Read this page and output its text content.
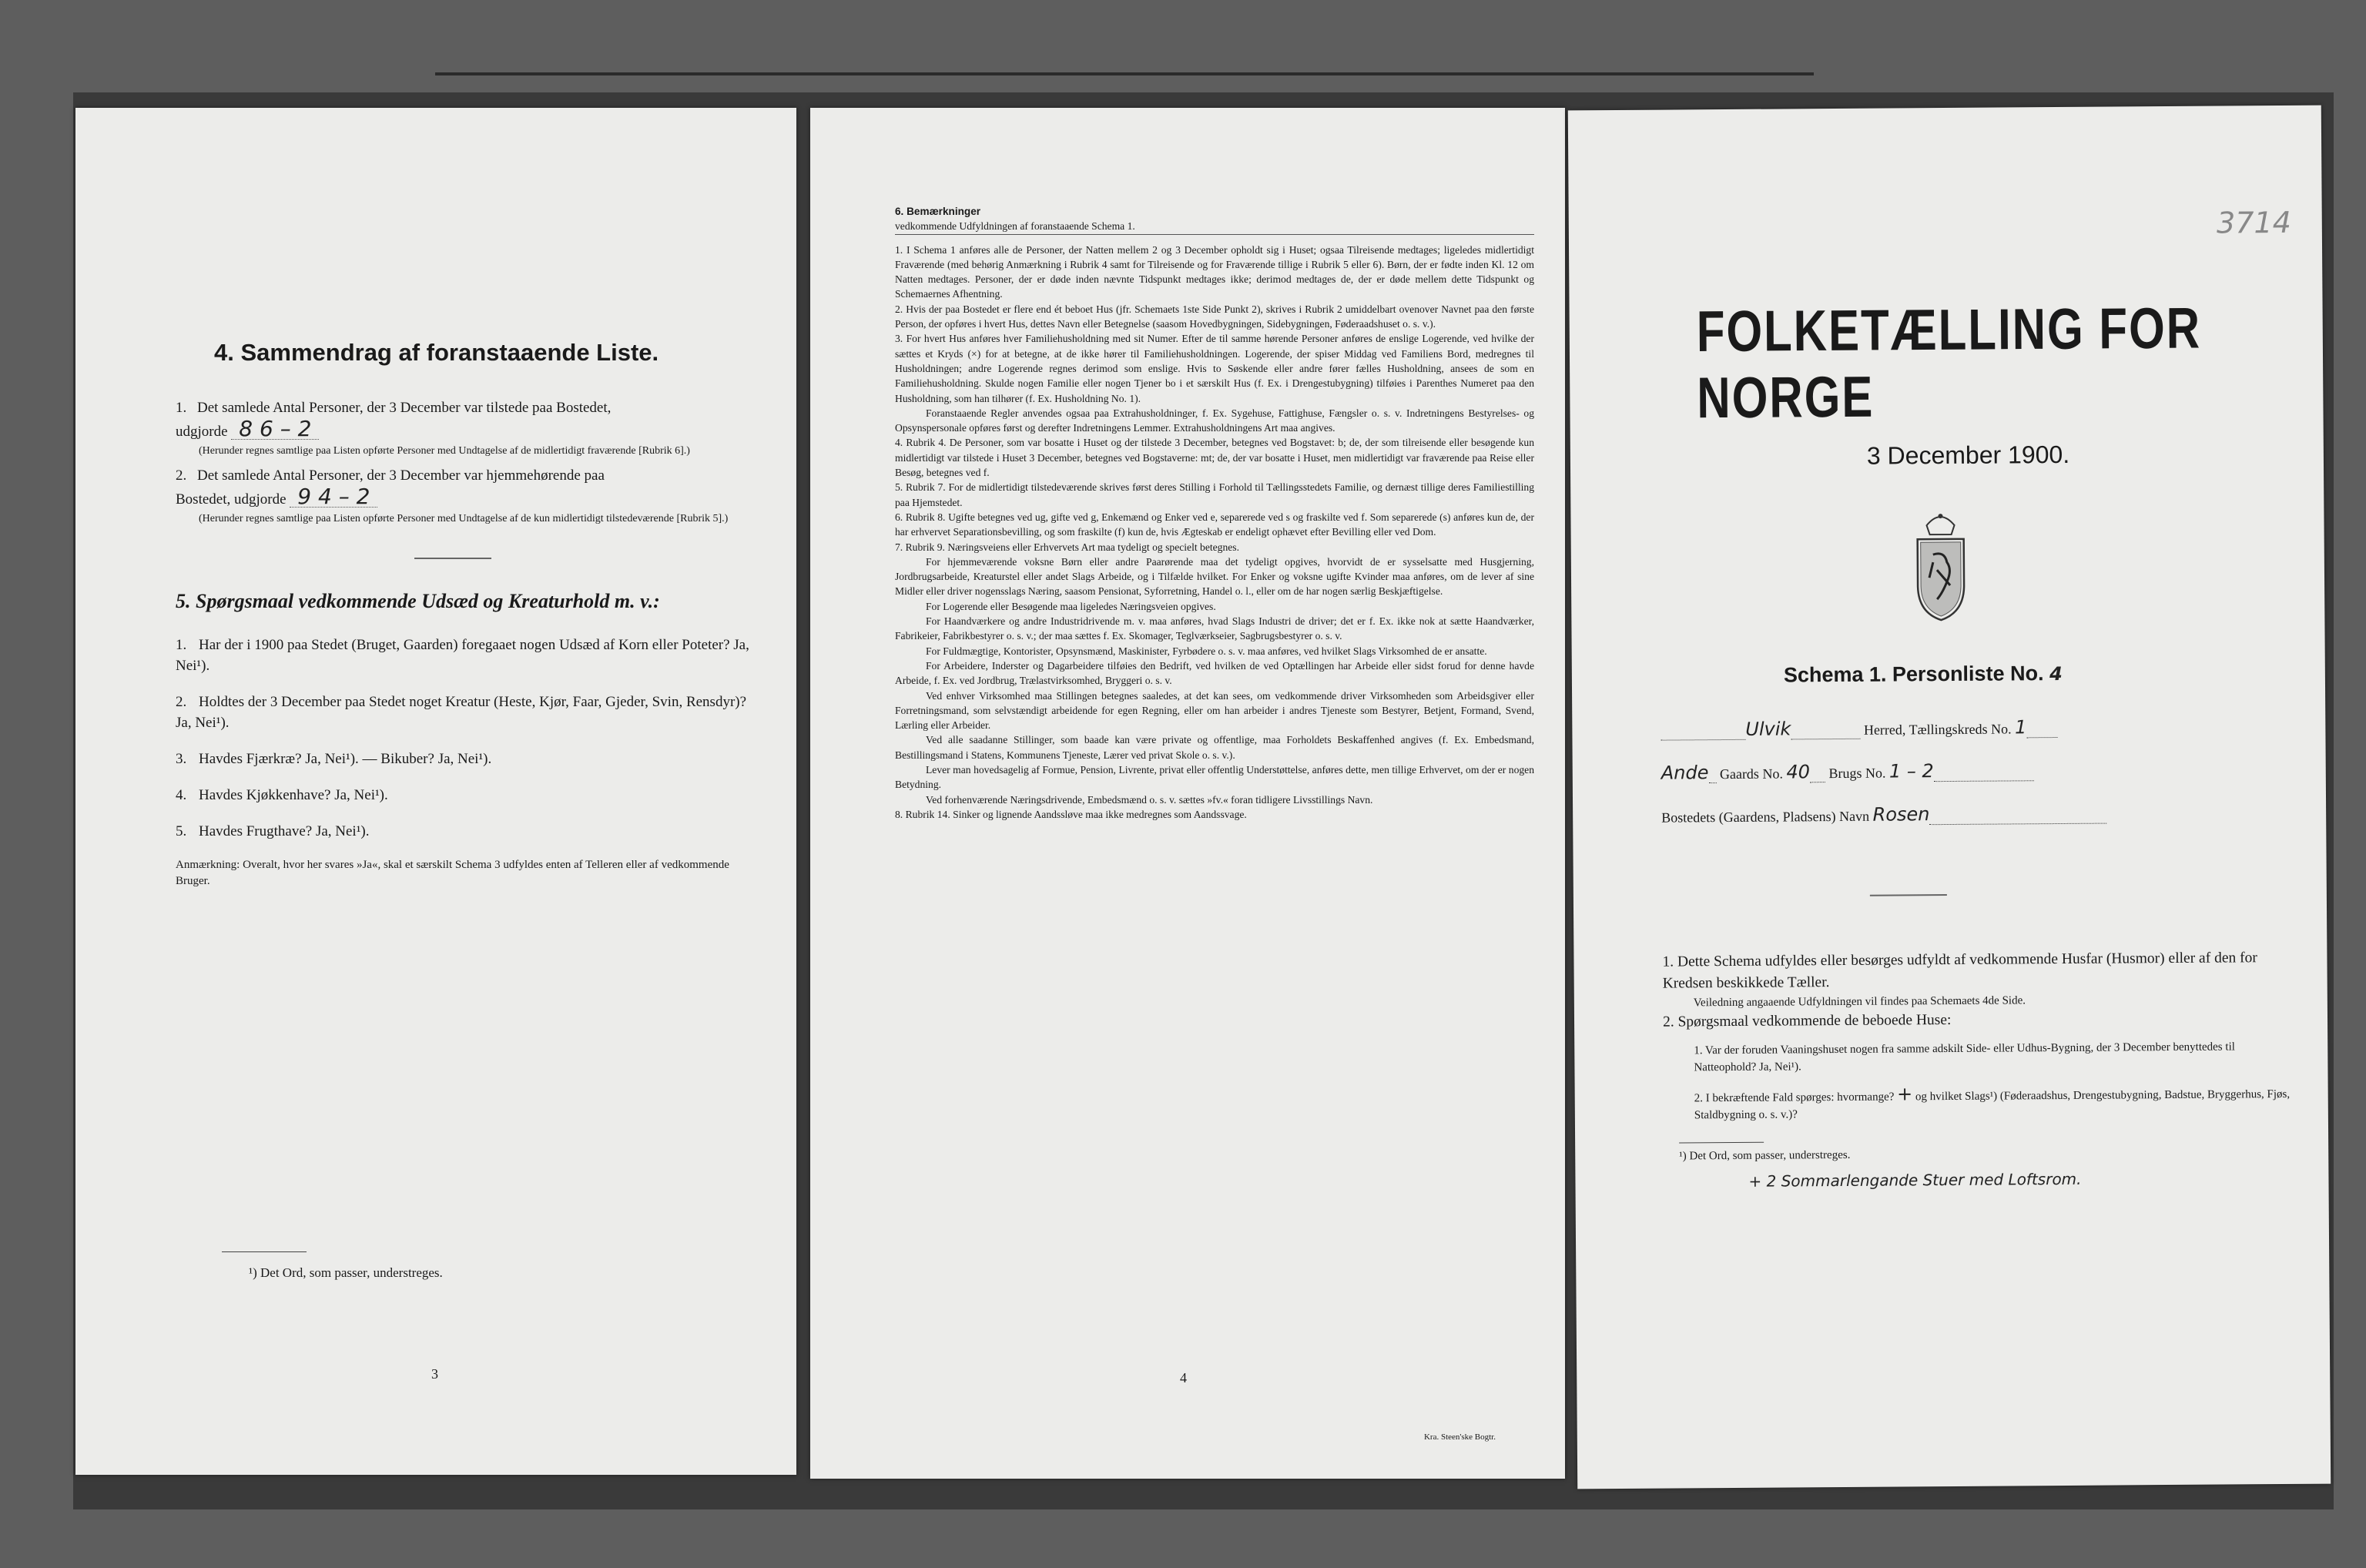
4. Sammendrag af foranstaaende Liste.

1. Det samlede Antal Personer, der 3 December var tilstede paa Bostedet,

udgjorde 8 6 – 2

(Herunder regnes samtlige paa Listen opførte Personer med Undtagelse af de midlertidigt fraværende [Rubrik 6].)

2. Det samlede Antal Personer, der 3 December var hjemmehørende paa

Bostedet, udgjorde 9 4 – 2

(Herunder regnes samtlige paa Listen opførte Personer med Undtagelse af de kun midlertidigt tilstedeværende [Rubrik 5].)

5. Spørgsmaal vedkommende Udsæd og Kreaturhold m. v.:

1. Har der i 1900 paa Stedet (Bruget, Gaarden) foregaaet nogen Udsæd af Korn eller Poteter? Ja, Nei¹).

2. Holdtes der 3 December paa Stedet noget Kreatur (Heste, Kjør, Faar, Gjeder, Svin, Rensdyr)? Ja, Nei¹).

3. Havdes Fjærkræ? Ja, Nei¹). — Bikuber? Ja, Nei¹).

4. Havdes Kjøkkenhave? Ja, Nei¹).

5. Havdes Frugthave? Ja, Nei¹).

Anmærkning: Overalt, hvor her svares »Ja«, skal et særskilt Schema 3 udfyldes enten af Telleren eller af vedkommende Bruger.

¹) Det Ord, som passer, understreges.

3

6. Bemærkninger

vedkommende Udfyldningen af foranstaaende Schema 1.

1. I Schema 1 anføres alle de Personer, der Natten mellem 2 og 3 December opholdt sig i Huset; ogsaa Tilreisende medtages; ligeledes midlertidigt Fraværende (med behørig Anmærkning i Rubrik 4 samt for Tilreisende og for Fraværende tillige i Rubrik 5 eller 6). Børn, der er fødte inden Kl. 12 om Natten medtages. Personer, der er døde inden nævnte Tidspunkt medtages ikke; derimod medtages de, der er døde mellem dette Tidspunkt og Schemaernes Afhentning.

2. Hvis der paa Bostedet er flere end ét beboet Hus (jfr. Schemaets 1ste Side Punkt 2), skrives i Rubrik 2 umiddelbart ovenover Navnet paa den første Person, der opføres i hvert Hus, dettes Navn eller Betegnelse (saasom Hovedbygningen, Sidebygningen, Føderaadshuset o. s. v.).

3. For hvert Hus anføres hver Familiehusholdning med sit Numer. Efter de til samme hørende Personer anføres de enslige Logerende, ved hvilke der sættes et Kryds (×) for at betegne, at de ikke hører til Familiehusholdningen. Logerende, der spiser Middag ved Familiens Bord, medregnes til Husholdningen; andre Logerende regnes derimod som enslige. Hvis to Søskende eller andre fører fælles Husholdning, ansees de som en Familiehusholdning. Skulde nogen Familie eller nogen Tjener bo i et særskilt Hus (f. Ex. i Drengestubygning) tilføies i Parenthes Numeret paa den Husholdning, som han tilhører (f. Ex. Husholdning No. 1).

Foranstaaende Regler anvendes ogsaa paa Extrahusholdninger, f. Ex. Sygehuse, Fattighuse, Fængsler o. s. v. Indretningens Bestyrelses- og Opsynspersonale opføres først og derefter Indretningens Lemmer. Extrahusholdningens Art maa angives.

4. Rubrik 4. De Personer, som var bosatte i Huset og der tilstede 3 December, betegnes ved Bogstavet: b; de, der som tilreisende eller besøgende kun midlertidigt var tilstede i Huset 3 December, betegnes ved Bogstaverne: mt; de, der var bosatte i Huset, men midlertidigt var fraværende paa Reise eller Besøg, betegnes ved f.

5. Rubrik 7. For de midlertidigt tilstedeværende skrives først deres Stilling i Forhold til Tællingsstedets Familie, og dernæst tillige deres Familiestilling paa Hjemstedet.

6. Rubrik 8. Ugifte betegnes ved ug, gifte ved g, Enkemænd og Enker ved e, separerede ved s og fraskilte ved f. Som separerede (s) anføres kun de, der har erhvervet Separationsbevilling, og som fraskilte (f) kun de, hvis Ægteskab er endeligt ophævet efter Bevilling eller ved Dom.

7. Rubrik 9. Næringsveiens eller Erhvervets Art maa tydeligt og specielt betegnes.

For hjemmeværende voksne Børn eller andre Paarørende maa det tydeligt opgives, hvorvidt de er sysselsatte med Husgjerning, Jordbrugsarbeide, Kreaturstel eller andet Slags Arbeide, og i Tilfælde hvilket. For Enker og voksne ugifte Kvinder maa anføres, om de lever af sine Midler eller driver nogensslags Næring, saasom Pensionat, Syforretning, Handel o. l., eller om de har nogen særlig Beskjæftigelse.

For Logerende eller Besøgende maa ligeledes Næringsveien opgives.

For Haandværkere og andre Industridrivende m. v. maa anføres, hvad Slags Industri de driver; det er f. Ex. ikke nok at sætte Haandværker, Fabrikeier, Fabrikbestyrer o. s. v.; der maa sættes f. Ex. Skomager, Teglværkseier, Sagbrugsbestyrer o. s. v.

For Fuldmægtige, Kontorister, Opsynsmænd, Maskinister, Fyrbødere o. s. v. maa anføres, ved hvilket Slags Virksomhed de er ansatte.

For Arbeidere, Inderster og Dagarbeidere tilføies den Bedrift, ved hvilken de ved Optællingen har Arbeide eller sidst forud for denne havde Arbeide, f. Ex. ved Jordbrug, Trælastvirksomhed, Bryggeri o. s. v.

Ved enhver Virksomhed maa Stillingen betegnes saaledes, at det kan sees, om vedkommende driver Virksomheden som Arbeidsgiver eller Forretningsmand, som selvstændigt arbeidende for egen Regning, eller om han arbeider i andres Tjeneste som Bestyrer, Betjent, Formand, Svend, Lærling eller Arbeider.

Ved alle saadanne Stillinger, som baade kan være private og offentlige, maa Forholdets Beskaffenhed angives (f. Ex. Embedsmand, Bestillingsmand i Statens, Kommunens Tjeneste, Lærer ved privat Skole o. s. v.).

Lever man hovedsagelig af Formue, Pension, Livrente, privat eller offentlig Understøttelse, anføres dette, men tillige Erhvervet, om der er nogen Betydning.

Ved forhenværende Næringsdrivende, Embedsmænd o. s. v. sættes »fv.« foran tidligere Livsstillings Navn.

8. Rubrik 14. Sinker og lignende Aandssløve maa ikke medregnes som Aandssvage.

4
Kra. Steen'ske Bogtr.
3714

FOLKETÆLLING FOR NORGE

3 December 1900.

Schema 1. Personliste No. 4

Ulvik	Herred, Tællingskreds No. 1

Ande Gaards No. 40 Brugs No. 1 – 2

Bostedets (Gaardens, Pladsens) Navn Rosen

1. Dette Schema udfyldes eller besørges udfyldt af vedkommende Husfar (Husmor) eller af den for Kredsen beskikkede Tæller.

Veiledning angaaende Udfyldningen vil findes paa Schemaets 4de Side.

2. Spørgsmaal vedkommende de beboede Huse:

1. Var der foruden Vaaningshuset nogen fra samme adskilt Side- eller Udhus-Bygning, der 3 December benyttedes til Natteophold? Ja, Nei¹).

2. I bekræftende Fald spørges: hvormange? + og hvilket Slags¹) (Føderaadshus, Drengestubygning, Badstue, Bryggerhus, Fjøs, Staldbygning o. s. v.)?

¹) Det Ord, som passer, understreges.

+ 2 Sommarlengande Stuer med Loftsrom.
